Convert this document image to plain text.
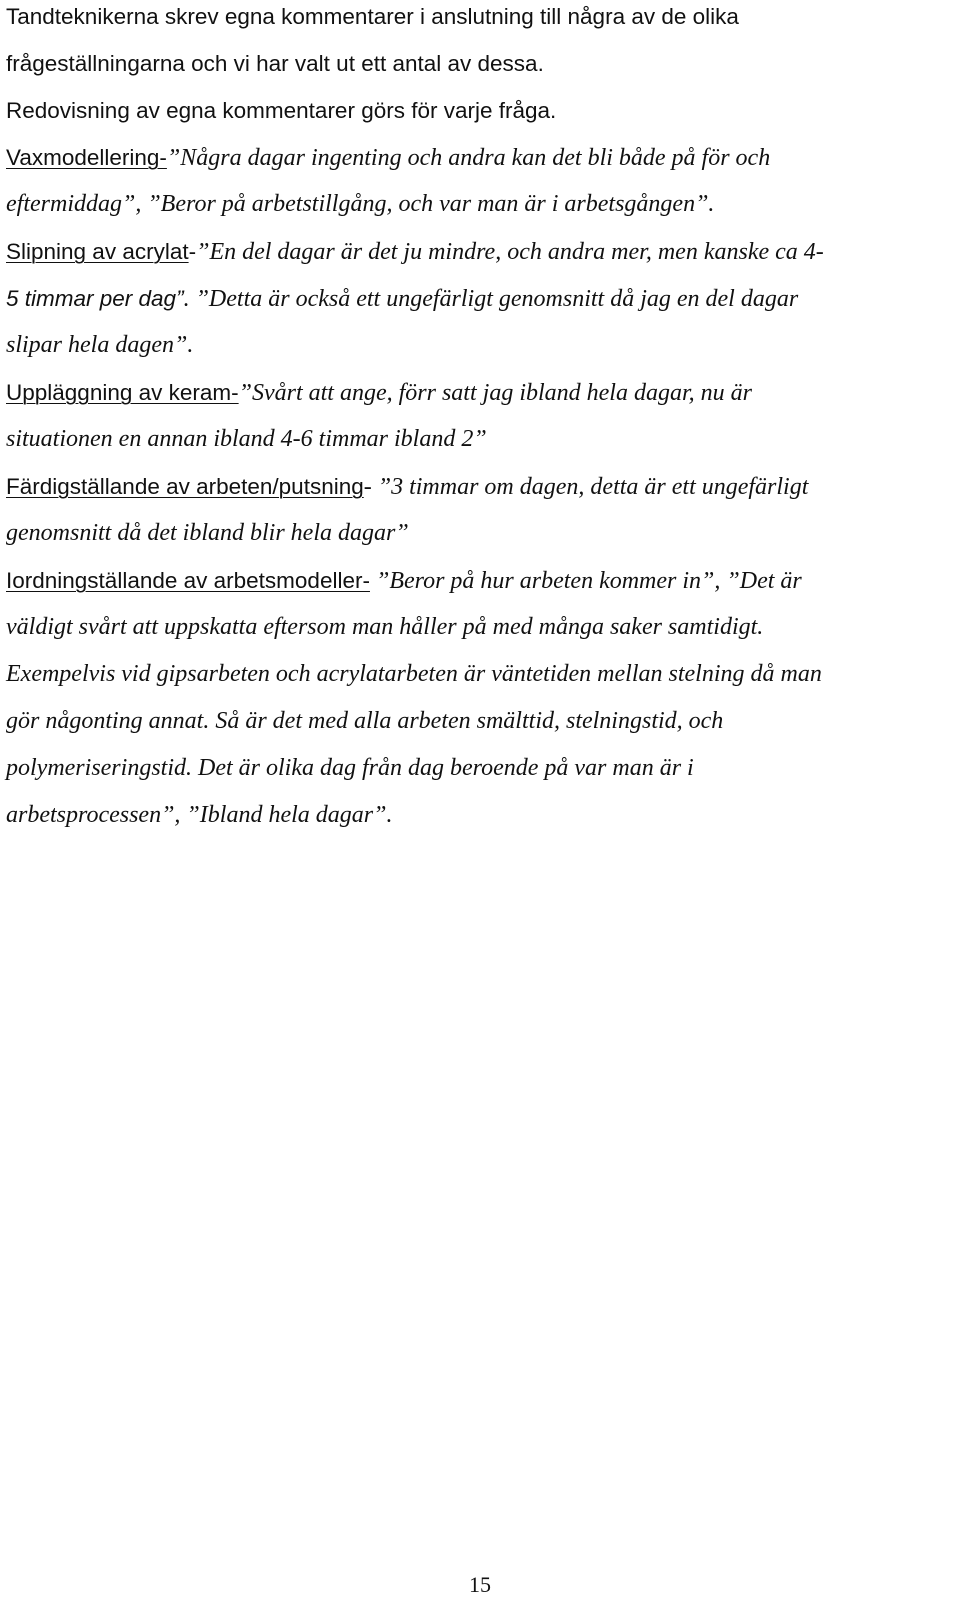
Tandteknikerna skrev egna kommentarer i anslutning till några av de olika
frågeställningarna och vi har valt ut ett antal av dessa.
Redovisning av egna kommentarer görs för varje fråga.
Vaxmodellering-”Några dagar ingenting och andra kan det bli både på för och
eftermiddag”, ”Beror på arbetstillgång, och var man är i arbetsgången”.
Slipning av acrylat-”En del dagar är det ju mindre, och andra mer, men kanske ca 4-
5 timmar per dag”. ”Detta är också ett ungefärligt genomsnitt då jag en del dagar
slipar hela dagen”.
Uppläggning av keram-”Svårt att ange, förr satt jag ibland hela dagar, nu är
situationen en annan ibland 4-6 timmar ibland 2”
Färdigställande av arbeten/putsning- ”3 timmar om dagen, detta är ett ungefärligt
genomsnitt då det ibland blir hela dagar”
Iordningställande av arbetsmodeller- ”Beror på hur arbeten kommer in”, ”Det är
väldigt svårt att uppskatta eftersom man håller på med många saker samtidigt.
Exempelvis vid gipsarbeten och acrylatarbeten är väntetiden mellan stelning då man
gör någonting annat. Så är det med alla arbeten smälttid, stelningstid, och
polymeriseringstid. Det är olika dag från dag beroende på var man är i
arbetsprocessen”, ”Ibland hela dagar”.
15
